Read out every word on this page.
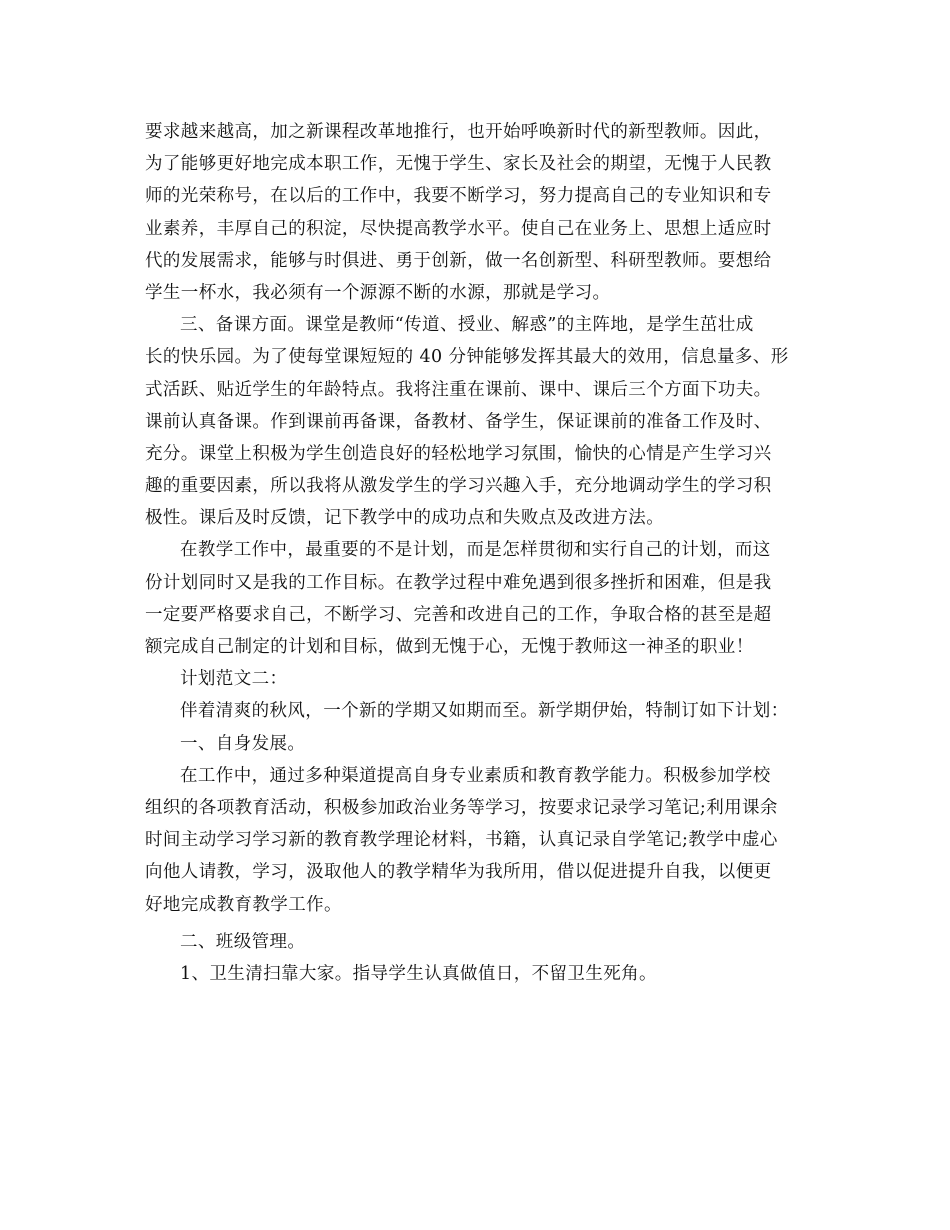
要求越来越高，加之新课程改革地推行，也开始呼唤新时代的新型教师。因此，
为了能够更好地完成本职工作，无愧于学生、家长及社会的期望，无愧于人民教
师的光荣称号，在以后的工作中，我要不断学习，努力提高自己的专业知识和专
业素养，丰厚自己的积淀，尽快提高教学水平。使自己在业务上、思想上适应时
代的发展需求，能够与时俱进、勇于创新，做一名创新型、科研型教师。要想给
学生一杯水，我必须有一个源源不断的水源，那就是学习。
三、备课方面。课堂是教师“传道、授业、解惑”的主阵地，是学生茁壮成
长的快乐园。为了使每堂课短短的 40 分钟能够发挥其最大的效用，信息量多、形
式活跃、贴近学生的年龄特点。我将注重在课前、课中、课后三个方面下功夫。
课前认真备课。作到课前再备课，备教材、备学生，保证课前的准备工作及时、
充分。课堂上积极为学生创造良好的轻松地学习氛围，愉快的心情是产生学习兴
趣的重要因素，所以我将从激发学生的学习兴趣入手，充分地调动学生的学习积
极性。课后及时反馈，记下教学中的成功点和失败点及改进方法。
在教学工作中，最重要的不是计划，而是怎样贯彻和实行自己的计划，而这
份计划同时又是我的工作目标。在教学过程中难免遇到很多挫折和困难，但是我
一定要严格要求自己，不断学习、完善和改进自己的工作，争取合格的甚至是超
额完成自己制定的计划和目标，做到无愧于心，无愧于教师这一神圣的职业！
计划范文二：
伴着清爽的秋风，一个新的学期又如期而至。新学期伊始，特制订如下计划：
一、自身发展。
在工作中，通过多种渠道提高自身专业素质和教育教学能力。积极参加学校
组织的各项教育活动，积极参加政治业务等学习，按要求记录学习笔记;利用课余
时间主动学习学习新的教育教学理论材料，书籍，认真记录自学笔记;教学中虚心
向他人请教，学习，汲取他人的教学精华为我所用，借以促进提升自我，以便更
好地完成教育教学工作。
二、班级管理。
1、卫生清扫靠大家。指导学生认真做值日，不留卫生死角。
